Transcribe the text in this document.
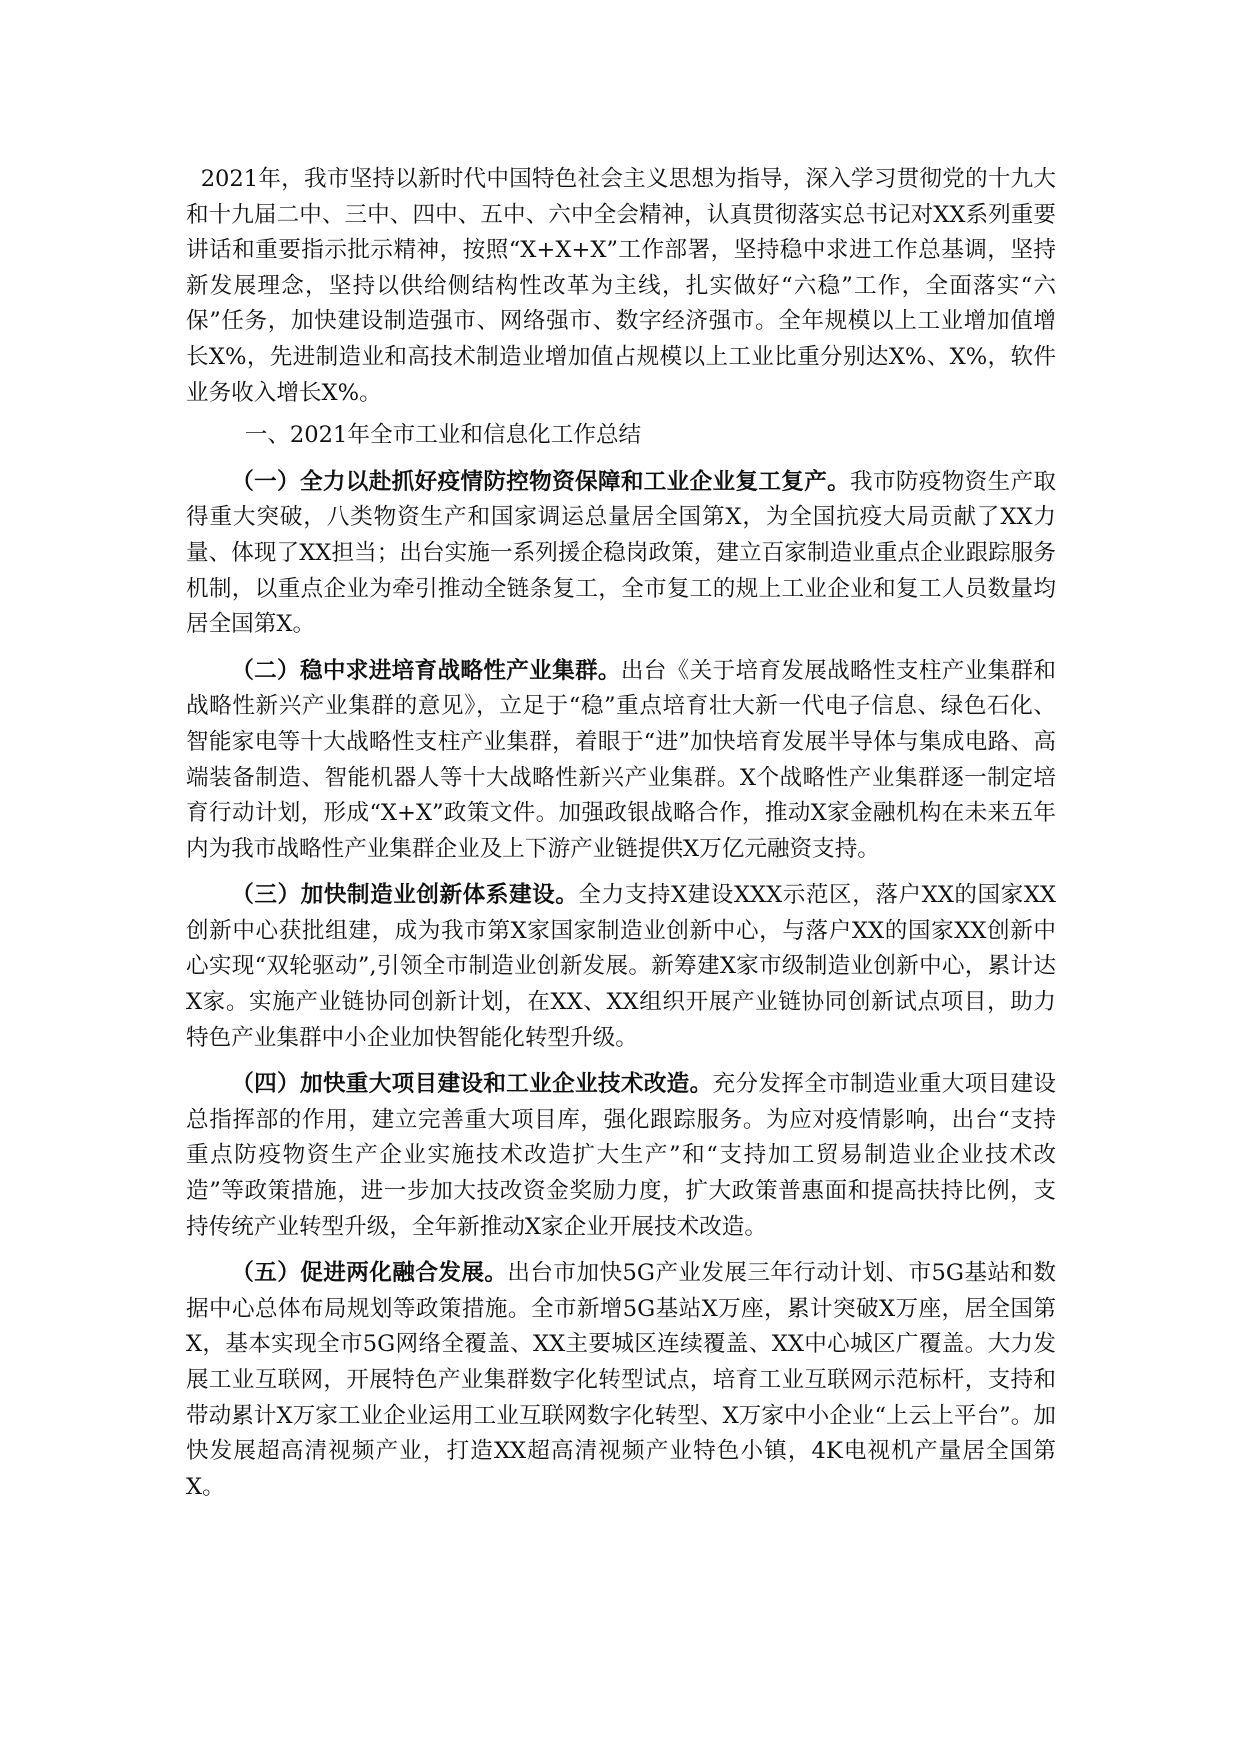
2021年，我市坚持以新时代中国特色社会主义思想为指导，深入学习贯彻党的十九大和十九届二中、三中、四中、五中、六中全会精神，认真贯彻落实总书记对XX系列重要讲话和重要指示批示精神，按照“X+X+X”工作部署，坚持稳中求进工作总基调，坚持新发展理念，坚持以供给侧结构性改革为主线，扎实做好“六稳”工作，全面落实“六保”任务，加快建设制造强市、网络强市、数字经济强市。全年规模以上工业增加值增长X%，先进制造业和高技术制造业增加值占规模以上工业比重分别达X%、X%，软件业务收入增长X%。

一、2021年全市工业和信息化工作总结

（一）全力以赴抓好疫情防控物资保障和工业企业复工复产。我市防疫物资生产取得重大突破，八类物资生产和国家调运总量居全国第X，为全国抗疫大局贡献了XX力量、体现了XX担当；出台实施一系列援企稳岗政策，建立百家制造业重点企业跟踪服务机制，以重点企业为牵引推动全链条复工，全市复工的规上工业企业和复工人员数量均居全国第X。

（二）稳中求进培育战略性产业集群。出台《关于培育发展战略性支柱产业集群和战略性新兴产业集群的意见》，立足于“稳”重点培育壮大新一代电子信息、绿色石化、智能家电等十大战略性支柱产业集群，着眼于“进”加快培育发展半导体与集成电路、高端装备制造、智能机器人等十大战略性新兴产业集群。X个战略性产业集群逐一制定培育行动计划，形成“X+X”政策文件。加强政银战略合作，推动X家金融机构在未来五年内为我市战略性产业集群企业及上下游产业链提供X万亿元融资支持。

（三）加快制造业创新体系建设。全力支持X建设XXX示范区，落户XX的国家XX创新中心获批组建，成为我市第X家国家制造业创新中心，与落户XX的国家XX创新中心实现“双轮驱动”,引领全市制造业创新发展。新筹建X家市级制造业创新中心，累计达X家。实施产业链协同创新计划，在XX、XX组织开展产业链协同创新试点项目，助力特色产业集群中小企业加快智能化转型升级。

（四）加快重大项目建设和工业企业技术改造。充分发挥全市制造业重大项目建设总指挥部的作用，建立完善重大项目库，强化跟踪服务。为应对疫情影响，出台“支持重点防疫物资生产企业实施技术改造扩大生产”和“支持加工贸易制造业企业技术改造”等政策措施，进一步加大技改资金奖励力度，扩大政策普惠面和提高扶持比例，支持传统产业转型升级，全年新推动X家企业开展技术改造。

（五）促进两化融合发展。出台市加快5G产业发展三年行动计划、市5G基站和数据中心总体布局规划等政策措施。全市新增5G基站X万座，累计突破X万座，居全国第X，基本实现全市5G网络全覆盖、XX主要城区连续覆盖、XX中心城区广覆盖。大力发展工业互联网，开展特色产业集群数字化转型试点，培育工业互联网示范标杆，支持和带动累计X万家工业企业运用工业互联网数字化转型、X万家中小企业“上云上平台”。加快发展超高清视频产业，打造XX超高清视频产业特色小镇，4K电视机产量居全国第X。
